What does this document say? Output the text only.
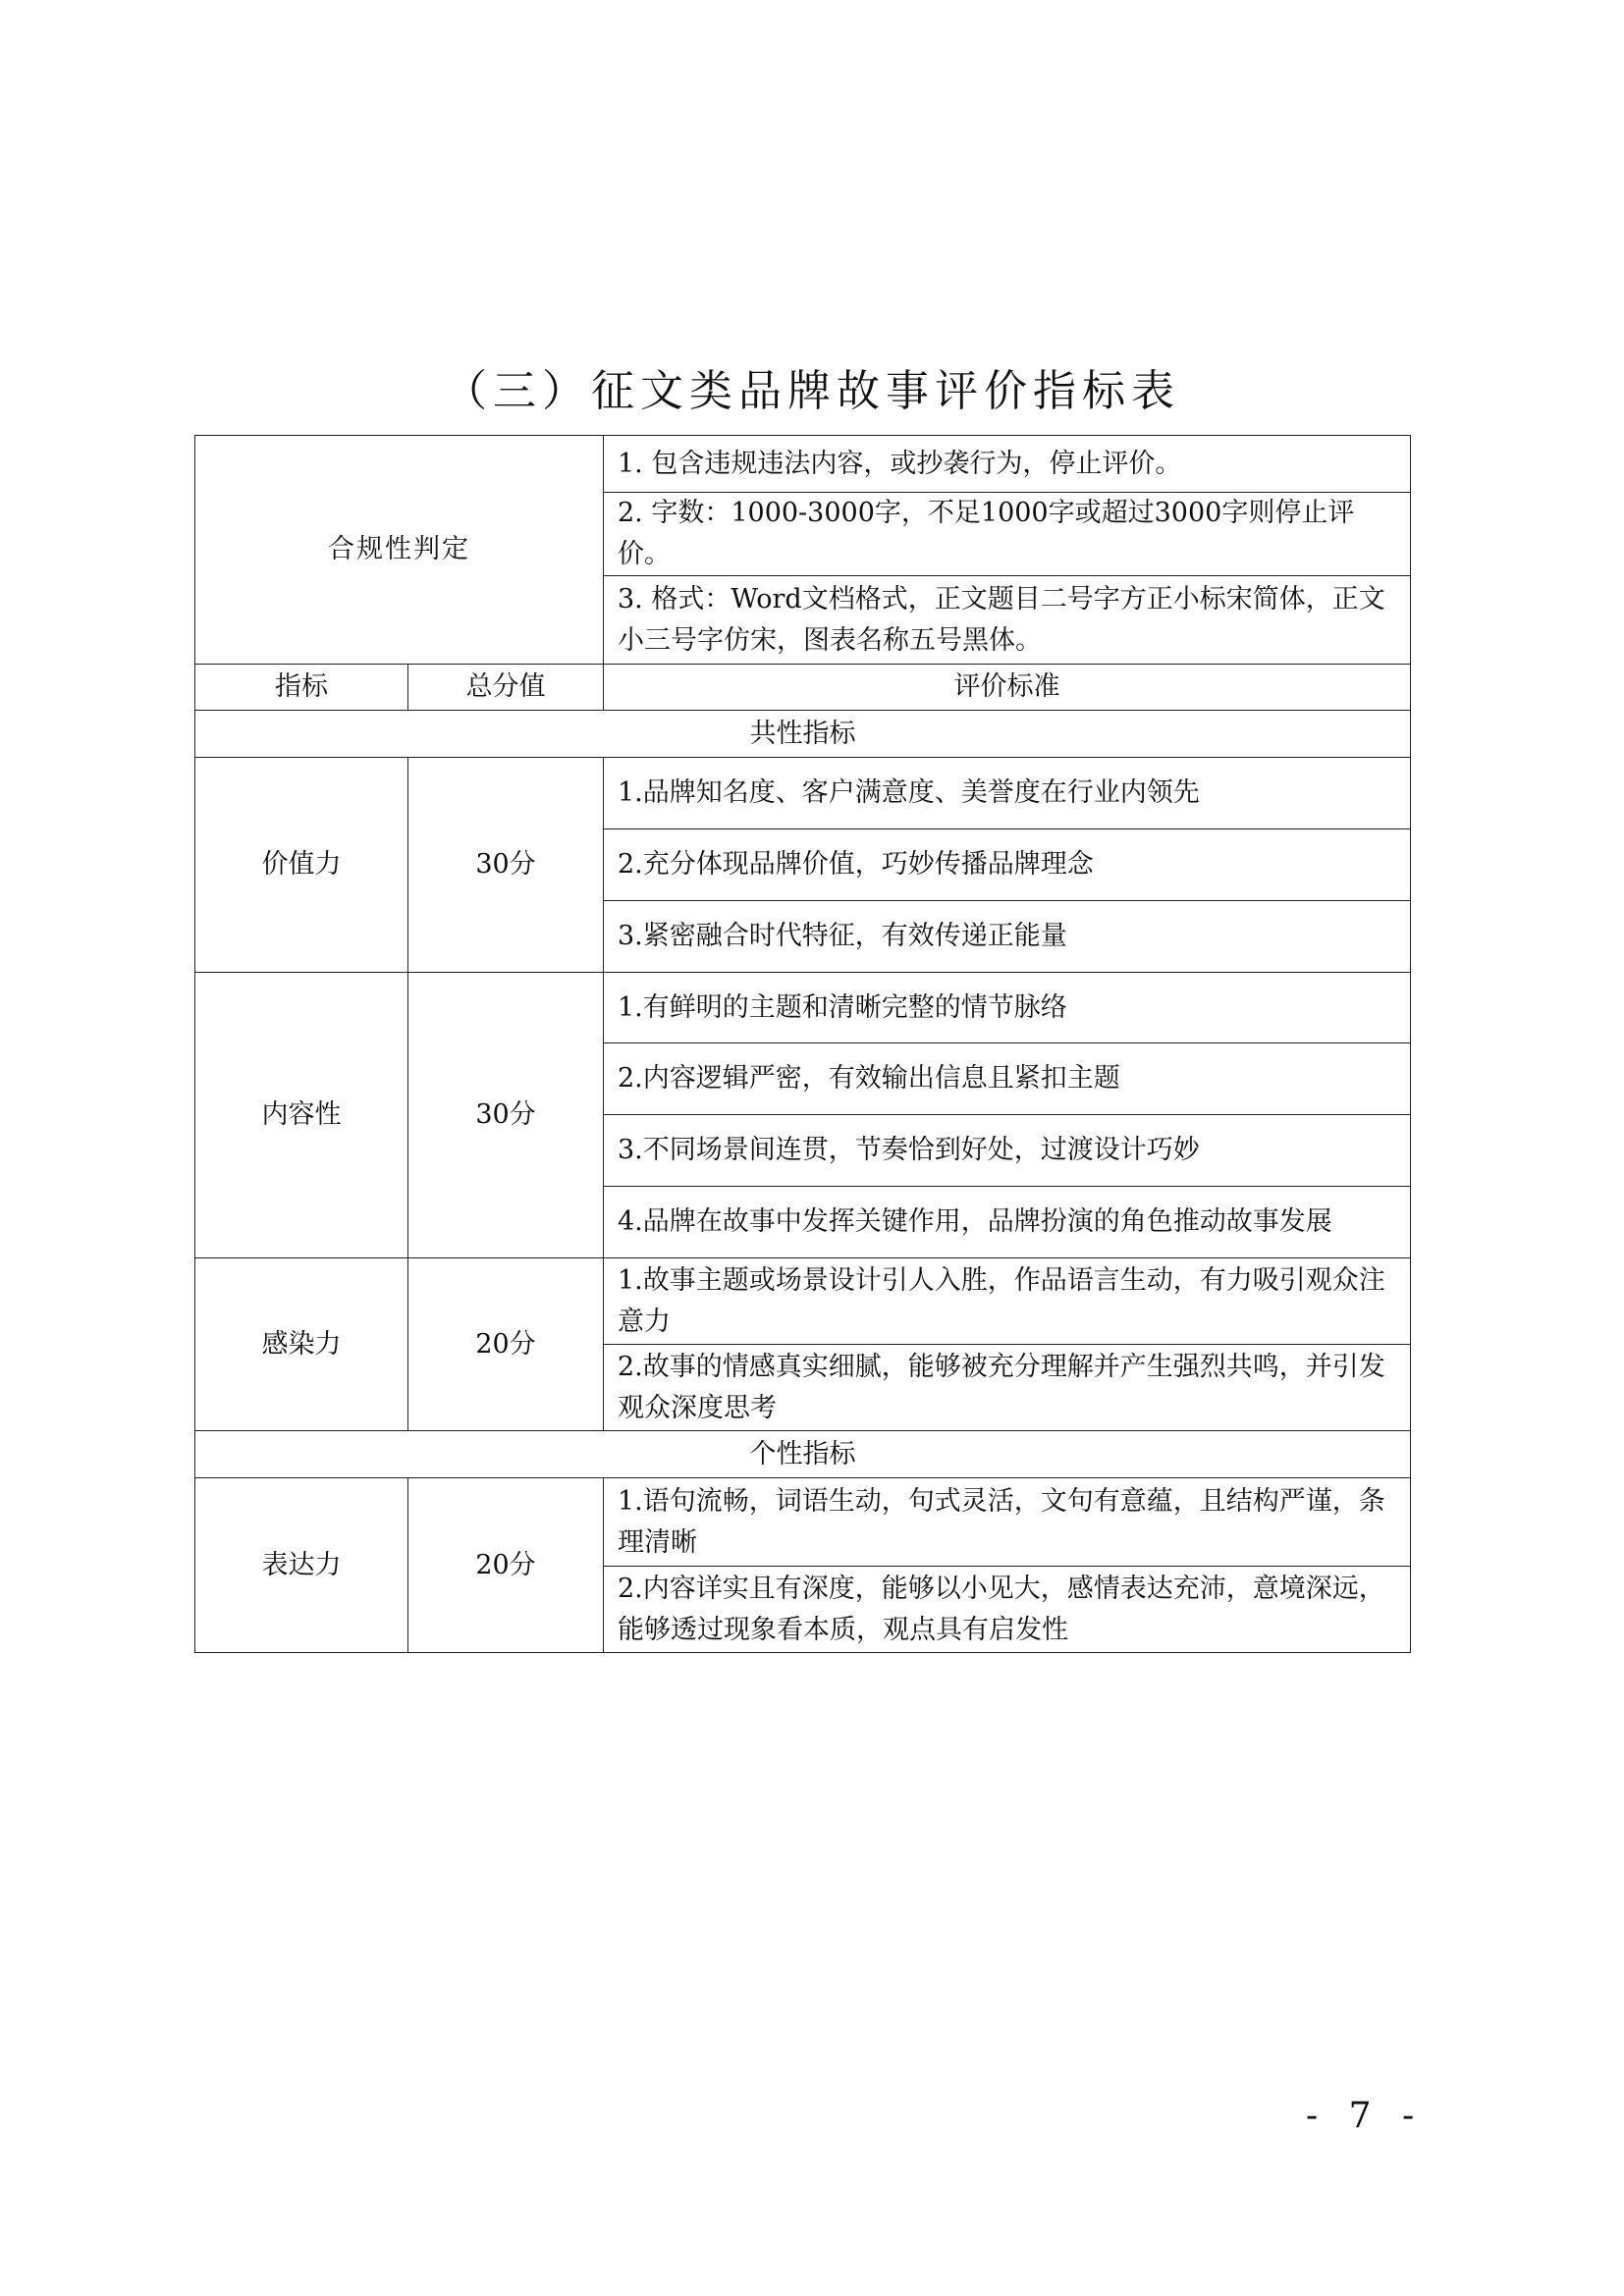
（三）征文类品牌故事评价指标表
合规性判定		1. 包含违规违法内容，或抄袭行为，停止评价。
		2. 字数：1000-3000字，不足1000字或超过3000字则停止评价。
		3. 格式：Word文档格式，正文题目二号字方正小标宋简体，正文小三号字仿宋，图表名称五号黑体。
指标	总分值	评价标准
共性指标		
价值力	30分	1.品牌知名度、客户满意度、美誉度在行业内领先
		2.充分体现品牌价值，巧妙传播品牌理念
		3.紧密融合时代特征，有效传递正能量
内容性	30分	1.有鲜明的主题和清晰完整的情节脉络
		2.内容逻辑严密，有效输出信息且紧扣主题
		3.不同场景间连贯，节奏恰到好处，过渡设计巧妙
		4.品牌在故事中发挥关键作用，品牌扮演的角色推动故事发展
感染力	20分	1.故事主题或场景设计引人入胜，作品语言生动，有力吸引观众注意力
		2.故事的情感真实细腻，能够被充分理解并产生强烈共鸣，并引发观众深度思考
个性指标		
表达力	20分	1.语句流畅，词语生动，句式灵活，文句有意蕴，且结构严谨，条理清晰
		2.内容详实且有深度，能够以小见大，感情表达充沛，意境深远，能够透过现象看本质，观点具有启发性
- 7 -
